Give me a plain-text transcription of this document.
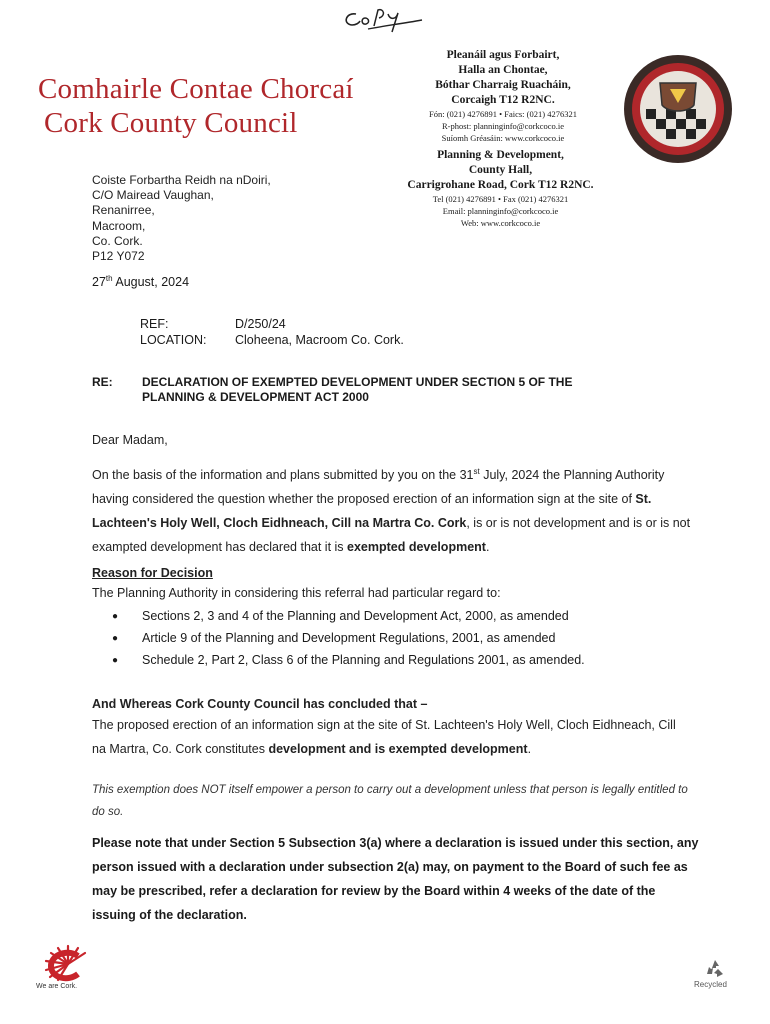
Comhairle Contae Chorcaí
Cork County Council
Pleanáil agus Forbairt,
Halla an Chontae,
Bóthar Charraig Ruacháin,
Corcaigh T12 R2NC.
Fón: (021) 4276891 • Faics: (021) 4276321
R-phost: planninginfo@corkcoco.ie
Suíomh Gréasáin: www.corkcoco.ie
Planning & Development,
County Hall,
Carrigrohane Road, Cork T12 R2NC.
Tel (021) 4276891 • Fax (021) 4276321
Email: planninginfo@corkcoco.ie
Web: www.corkcoco.ie
Coiste Forbartha Reidh na nDoiri,
C/O Mairead Vaughan,
Renanirree,
Macroom,
Co. Cork.
P12 Y072
27th August, 2024
REF:	D/250/24
LOCATION: Cloheena, Macroom Co. Cork.
RE: DECLARATION OF EXEMPTED DEVELOPMENT UNDER SECTION 5 OF THE
PLANNING & DEVELOPMENT ACT 2000
Dear Madam,
On the basis of the information and plans submitted by you on the 31st July, 2024 the Planning Authority having considered the question whether the proposed erection of an information sign at the site of St. Lachteen's Holy Well, Cloch Eidhneach, Cill na Martra Co. Cork, is or is not development and is or is not exampted development has declared that it is exempted development.
Reason for Decision
The Planning Authority in considering this referral had particular regard to:
●	Sections 2, 3 and 4 of the Planning and Development Act, 2000, as amended
●	Article 9 of the Planning and Development Regulations, 2001, as amended
●	Schedule 2, Part 2, Class 6 of the Planning and Regulations 2001, as amended.
And Whereas Cork County Council has concluded that –
The proposed erection of an information sign at the site of St. Lachteen's Holy Well, Cloch Eidhneach, Cill na Martra, Co. Cork constitutes development and is exempted development.
This exemption does NOT itself empower a person to carry out a development unless that person is legally entitled to do so.
Please note that under Section 5 Subsection 3(a) where a declaration is issued under this section, any person issued with a declaration under subsection 2(a) may, on payment to the Board of such fee as may be prescribed, refer a declaration for review by the Board within 4 weeks of the date of the issuing of the declaration.
We are Cork.	Recycled
